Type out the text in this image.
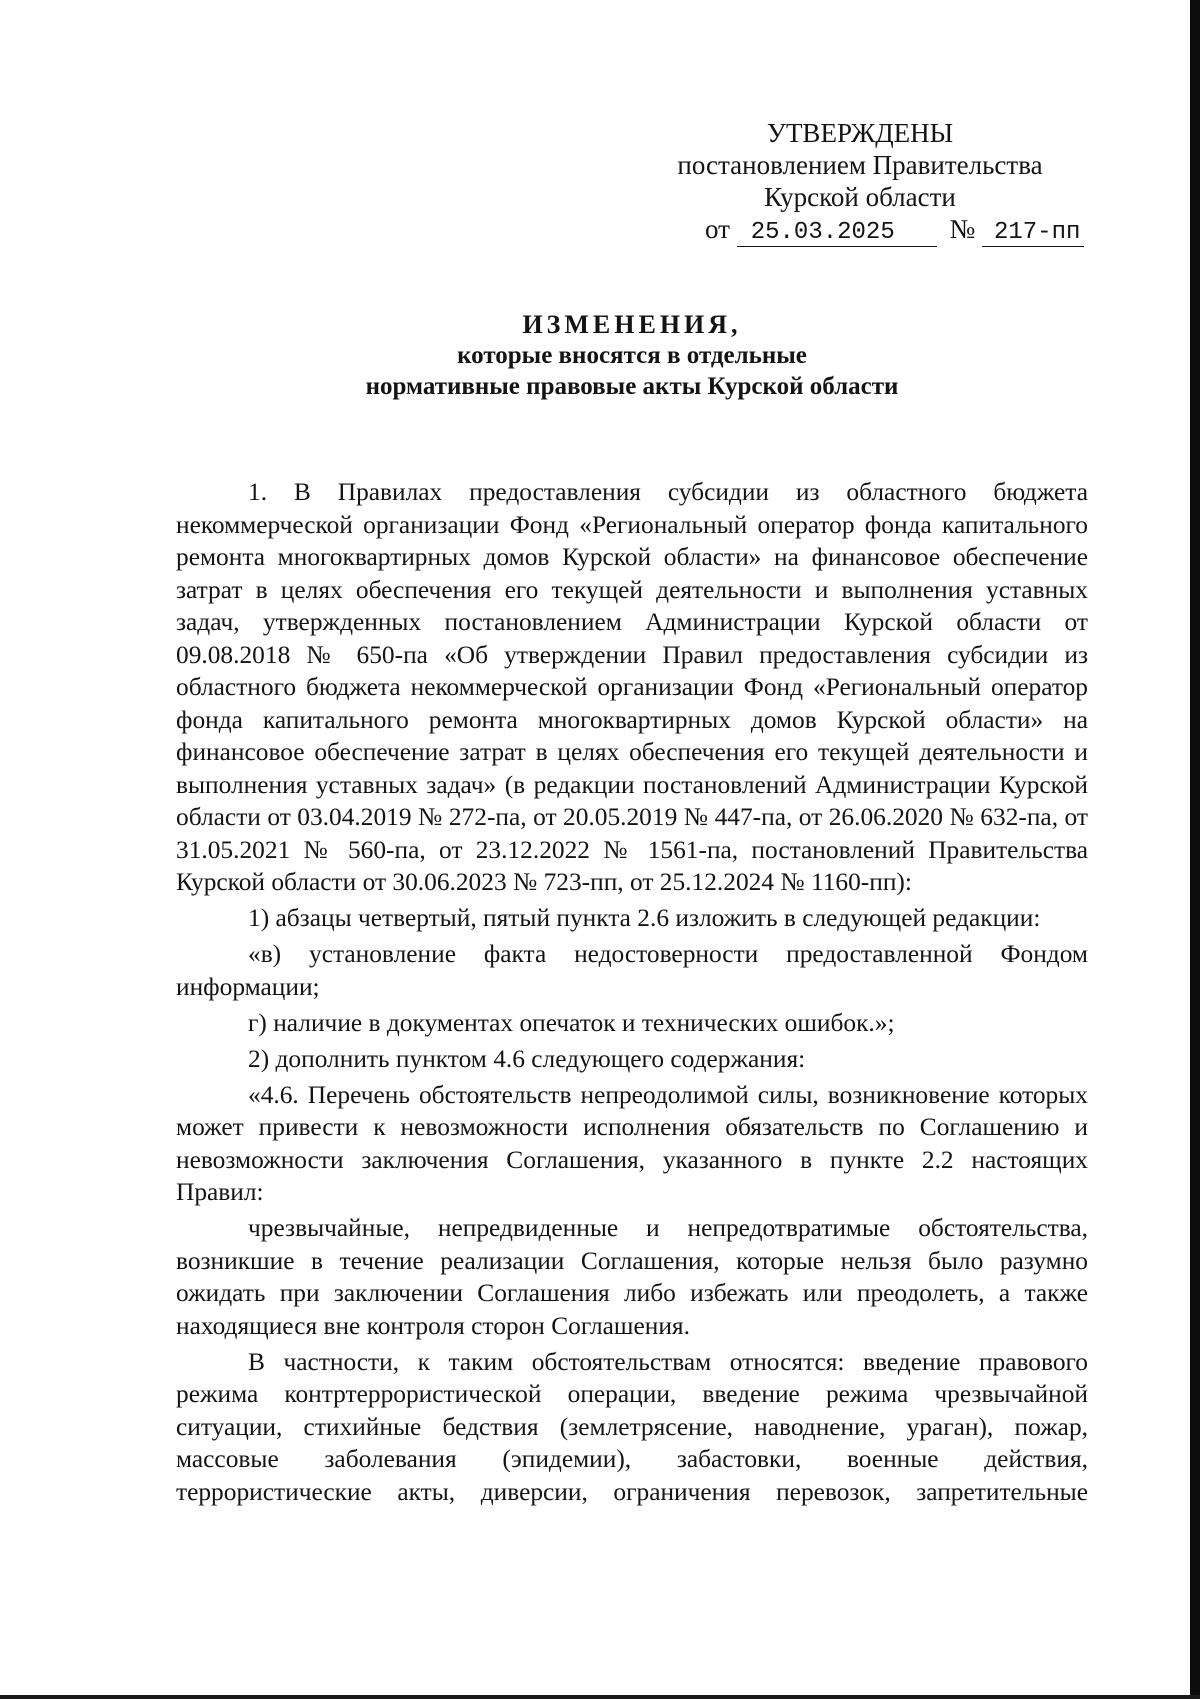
УТВЕРЖДЕНЫ
постановлением Правительства
Курской области
от 25.03.2025 № 217-пп
ИЗМЕНЕНИЯ,
которые вносятся в отдельные
нормативные правовые акты Курской области

1. В Правилах предоставления субсидии из областного бюджета некоммерческой организации Фонд «Региональный оператор фонда капитального ремонта многоквартирных домов Курской области» на финансовое обеспечение затрат в целях обеспечения его текущей деятельности и выполнения уставных задач, утвержденных постановлением Администрации Курской области от 09.08.2018 № 650-па «Об утверждении Правил предоставления субсидии из областного бюджета некоммерческой организации Фонд «Региональный оператор фонда капитального ремонта многоквартирных домов Курской области» на финансовое обеспечение затрат в целях обеспечения его текущей деятельности и выполнения уставных задач» (в редакции постановлений Администрации Курской области от 03.04.2019 № 272-па, от 20.05.2019 № 447-па, от 26.06.2020 № 632-па, от 31.05.2021 № 560-па, от 23.12.2022 № 1561-па, постановлений Правительства Курской области от 30.06.2023 № 723-пп, от 25.12.2024 № 1160-пп):

1) абзацы четвертый, пятый пункта 2.6 изложить в следующей редакции:

«в) установление факта недостоверности предоставленной Фондом информации;

г) наличие в документах опечаток и технических ошибок.»;

2) дополнить пунктом 4.6 следующего содержания:

«4.6. Перечень обстоятельств непреодолимой силы, возникновение которых может привести к невозможности исполнения обязательств по Соглашению и невозможности заключения Соглашения, указанного в пункте 2.2 настоящих Правил:

чрезвычайные, непредвиденные и непредотвратимые обстоятельства, возникшие в течение реализации Соглашения, которые нельзя было разумно ожидать при заключении Соглашения либо избежать или преодолеть, а также находящиеся вне контроля сторон Соглашения.

В частности, к таким обстоятельствам относятся: введение правового режима контртеррористической операции, введение режима чрезвычайной ситуации, стихийные бедствия (землетрясение, наводнение, ураган), пожар, массовые заболевания (эпидемии), забастовки, военные действия, террористические акты, диверсии, ограничения перевозок, запретительные
